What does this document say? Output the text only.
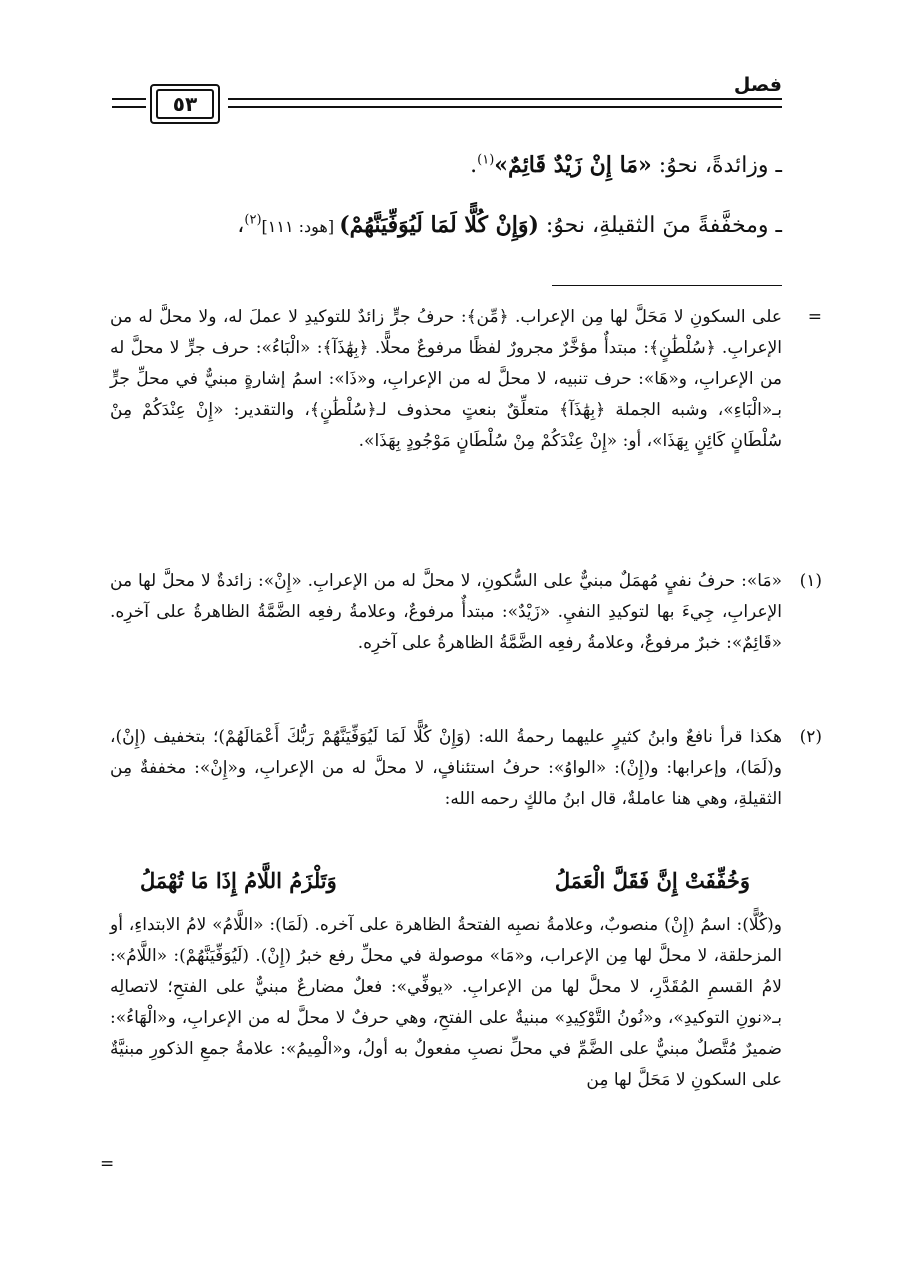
فصل
٥٣
ـ وزائدةً، نحوُ: «مَا إِنْ زَيْدٌ قَائِمٌ»$^{(١)}$.
ـ ومخفَّفةً منَ الثقيلةِ، نحوُ: (وَإِنْ كُلًّا لَمَا لَيُوَفِّيَنَّهُمْ) [هود: ١١١]$^{(٢)}$،
=
على السكونِ لا مَحَلَّ لها مِن الإعراب. ﴿مِّن﴾: حرفُ جرٍّ زائدٌ للتوكيدِ لا عملَ له، ولا محلَّ له من الإعرابِ. ﴿سُلْطَٰنٍ﴾: مبتدأٌ مؤخَّرٌ مجرورٌ لفظًا مرفوعٌ محلًّا. ﴿بِهَٰذَآ﴾: «الْبَاءُ»: حرف جرٍّ لا محلَّ له من الإعرابِ، و«هَا»: حرف تنبيه، لا محلَّ له من الإعرابِ، و«ذَا»: اسمُ إشارةٍ مبنيٌّ في محلِّ جرٍّ بـ«الْبَاءِ»، وشبه الجملة ﴿بِهَٰذَآ﴾ متعلِّقٌ بنعتٍ محذوف لـ﴿سُلْطَٰنٍ﴾، والتقدير: «إِنْ عِنْدَكُمْ مِنْ سُلْطَانٍ كَائِنٍ بِهَذَا»، أو: «إِنْ عِنْدَكُمْ مِنْ سُلْطَانٍ مَوْجُودٍ بِهَذَا».
(١)
«مَا»: حرفُ نفيٍ مُهمَلٌ مبنيٌّ على السُّكونِ، لا محلَّ له من الإعرابِ. «إِنْ»: زائدةٌ لا محلَّ لها من الإعرابِ، جِيءَ بها لتوكيدِ النفيِ. «زَيْدٌ»: مبتدأٌ مرفوعٌ، وعلامةُ رفعِه الضَّمَّةُ الظاهرةُ على آخرِه. «قَائِمٌ»: خبرٌ مرفوعٌ، وعلامةُ رفعِه الضَّمَّةُ الظاهرةُ على آخرِه.
(٢)
هكذا قرأ نافعٌ وابنُ كثيرٍ عليهما رحمةُ الله: (وَإِنْ كُلًّا لَمَا لَيُوَفِّيَنَّهُمْ رَبُّكَ أَعْمَالَهُمْ)؛ بتخفيف (إِنْ)، و(لَمَا)، وإعرابها: و(إِنْ): «الواوُ»: حرفُ استئنافٍ، لا محلَّ له من الإعرابِ، و«إِنْ»: مخففةٌ مِن الثقيلةِ، وهي هنا عاملةٌ، قال ابنُ مالكٍ رحمه الله:
وَخُفِّفَتْ إِنَّ فَقَلَّ الْعَمَلُ
وَتَلْزَمُ اللَّامُ إِذَا مَا تُهْمَلُ
و(كُلًّا): اسمُ (إِنْ) منصوبٌ، وعلامةُ نصبِه الفتحةُ الظاهرة على آخره. (لَمَا): «اللَّامُ» لامُ الابتداءِ، أو المزحلقة، لا محلَّ لها مِن الإعراب، و«مَا» موصولة في محلِّ رفع خبرُ (إِنْ). (لَيُوَفِّيَنَّهُمْ): «اللَّامُ»: لامُ القسمِ المُقَدَّرِ، لا محلَّ لها من الإعرابِ. «يوفِّي»: فعلٌ مضارعٌ مبنيٌّ على الفتحِ؛ لاتصالِه بـ«نونِ التوكيدِ»، و«نُونُ التَّوْكِيدِ» مبنيةٌ على الفتحِ، وهي حرفٌ لا محلَّ له من الإعرابِ، و«الْهَاءُ»: ضميرٌ مُتَّصلٌ مبنيٌّ على الضَّمِّ في محلِّ نصبِ مفعولٌ به أولُ، و«الْمِيمُ»: علامةُ جمعِ الذكورِ مبنيَّةٌ على السكونِ لا مَحَلَّ لها مِن
=
